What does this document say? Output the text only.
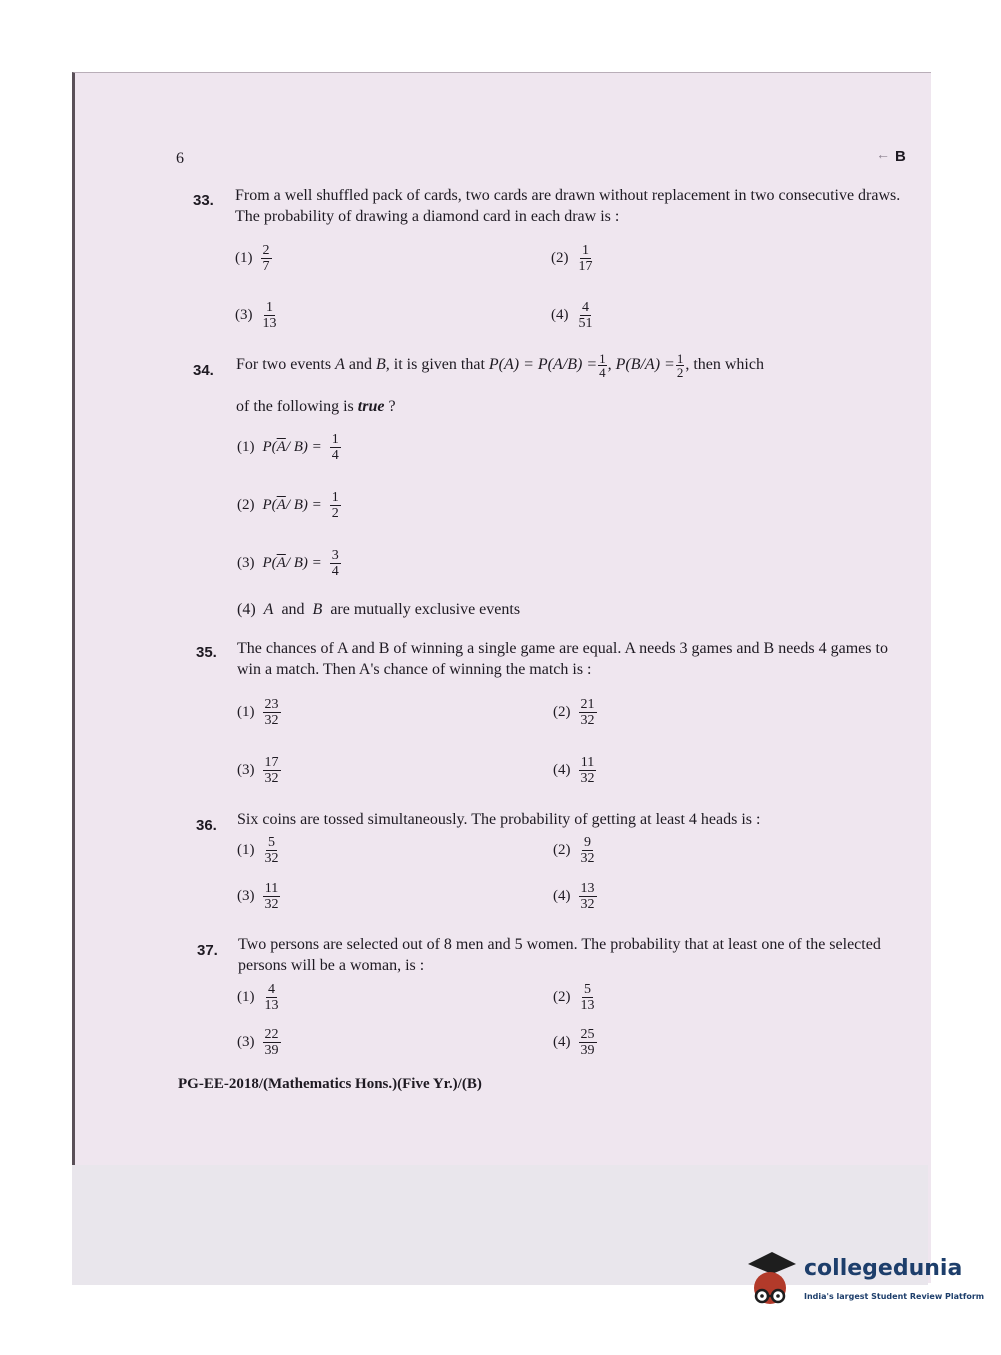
6	← B
33. From a well shuffled pack of cards, two cards are drawn without replacement in two consecutive draws. The probability of drawing a diamond card in each draw is :
$(1) \frac{2}{7}$	$(2) \frac{1}{17}$
$(3) \frac{1}{13}$	$(4) \frac{4}{51}$
34. For two events A and B, it is given that $P(A) = P(A/B) = \frac{1}{4}$ , $P(B/A) = \frac{1}{2}$ , then which
of the following is true ?
(1) $P(\overline{A}/$ $B) = \frac{1}{4}$
(2) $P(\overline{A}/$ $B) = \frac{1}{2}$
(3) $P(\overline{A}/$ $B) = \frac{3}{4}$
(4) A and B are mutually exclusive events
35. The chances of A and B of winning a single game are equal. A needs 3 games and B needs 4 games to win a match. Then A's chance of winning the match is :
$(1) \frac{23}{32}$	$(2) \frac{21}{32}$
$(3) \frac{17}{32}$	$(4) \frac{11}{32}$
36. Six coins are tossed simultaneously. The probability of getting at least 4 heads is :
$(1) \frac{5}{32}$	$(2) \frac{9}{32}$
$(3) \frac{11}{32}$	$(4) \frac{13}{32}$
37. Two persons are selected out of 8 men and 5 women. The probability that at least one of the selected persons will be a woman, is :
$(1) \frac{4}{13}$	$(2) \frac{5}{13}$
$(3) \frac{22}{39}$	$(4) \frac{25}{39}$
PG-EE-2018/(Mathematics Hons.)(Five Yr.)/(B)
collegedunia
India's largest Student Review Platform
